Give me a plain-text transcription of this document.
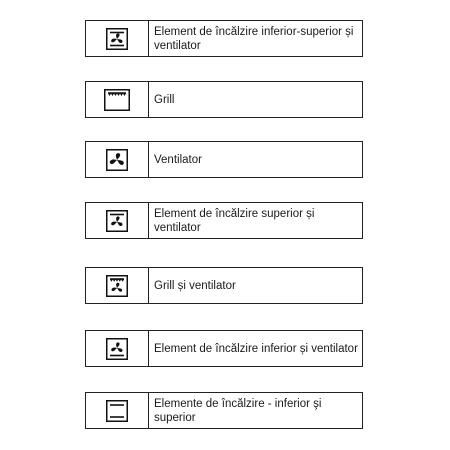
Element de încălzire inferior-superior și ventilator
Grill
Ventilator
Element de încălzire superior și ventilator
Grill și ventilator
Element de încălzire inferior și ventilator
Elemente de încălzire - inferior şi superior
